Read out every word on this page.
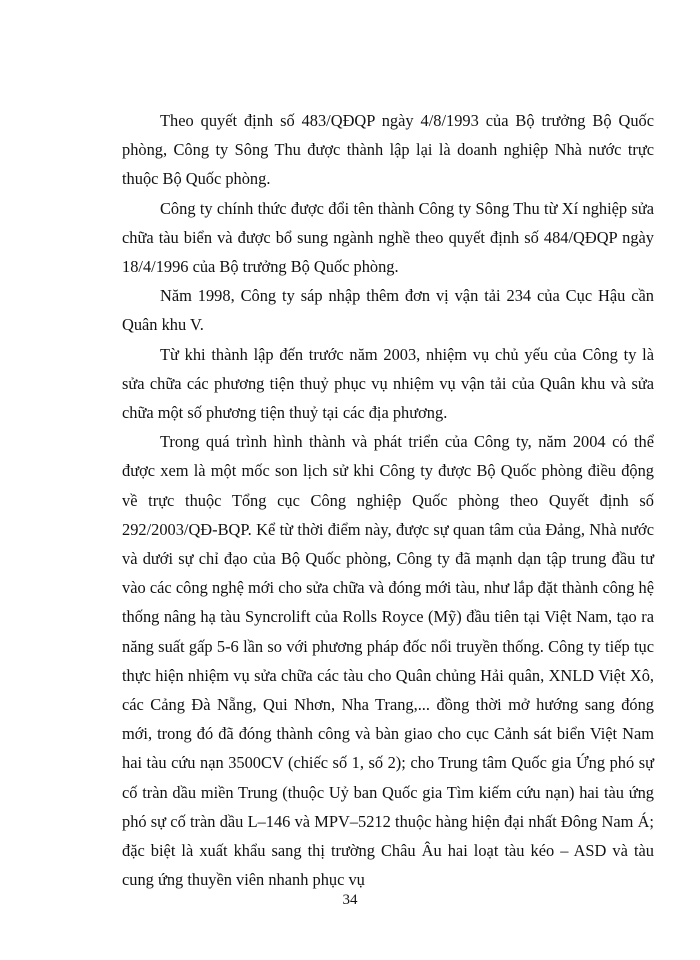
Theo quyết định số 483/QĐQP ngày 4/8/1993 của Bộ trưởng Bộ Quốc phòng, Công ty Sông Thu được thành lập lại là doanh nghiệp Nhà nước trực thuộc Bộ Quốc phòng.

Công ty chính thức được đổi tên thành Công ty Sông Thu từ Xí nghiệp sửa chữa tàu biển và được bổ sung ngành nghề theo quyết định số 484/QĐQP ngày 18/4/1996 của Bộ trưởng Bộ Quốc phòng.

Năm 1998, Công ty sáp nhập thêm đơn vị vận tải 234 của Cục Hậu cần Quân khu V.

Từ khi thành lập đến trước năm 2003, nhiệm vụ chủ yếu của Công ty là sửa chữa các phương tiện thuỷ phục vụ nhiệm vụ vận tải của Quân khu và sửa chữa một số phương tiện thuỷ tại các địa phương.

Trong quá trình hình thành và phát triển của Công ty, năm 2004 có thể được xem là một mốc son lịch sử khi Công ty được Bộ Quốc phòng điều động về trực thuộc Tổng cục Công nghiệp Quốc phòng theo Quyết định số 292/2003/QĐ-BQP. Kể từ thời điểm này, được sự quan tâm của Đảng, Nhà nước và dưới sự chỉ đạo của Bộ Quốc phòng, Công ty đã mạnh dạn tập trung đầu tư vào các công nghệ mới cho sửa chữa và đóng mới tàu, như lắp đặt thành công hệ thống nâng hạ tàu Syncrolift của Rolls Royce (Mỹ) đầu tiên tại Việt Nam, tạo ra năng suất gấp 5-6 lần so với phương pháp đốc nổi truyền thống. Công ty tiếp tục thực hiện nhiệm vụ sửa chữa các tàu cho Quân chủng Hải quân, XNLD Việt Xô, các Cảng Đà Nẵng, Qui Nhơn, Nha Trang,... đồng thời mở hướng sang đóng mới, trong đó đã đóng thành công và bàn giao cho cục Cảnh sát biển Việt Nam hai tàu cứu nạn 3500CV (chiếc số 1, số 2); cho Trung tâm Quốc gia Ứng phó sự cố tràn dầu miền Trung (thuộc Uỷ ban Quốc gia Tìm kiếm cứu nạn) hai tàu ứng phó sự cố tràn dầu L–146 và MPV–5212 thuộc hàng hiện đại nhất Đông Nam Á; đặc biệt là xuất khẩu sang thị trường Châu Âu hai loạt tàu kéo – ASD và tàu cung ứng thuyền viên nhanh phục vụ

34
